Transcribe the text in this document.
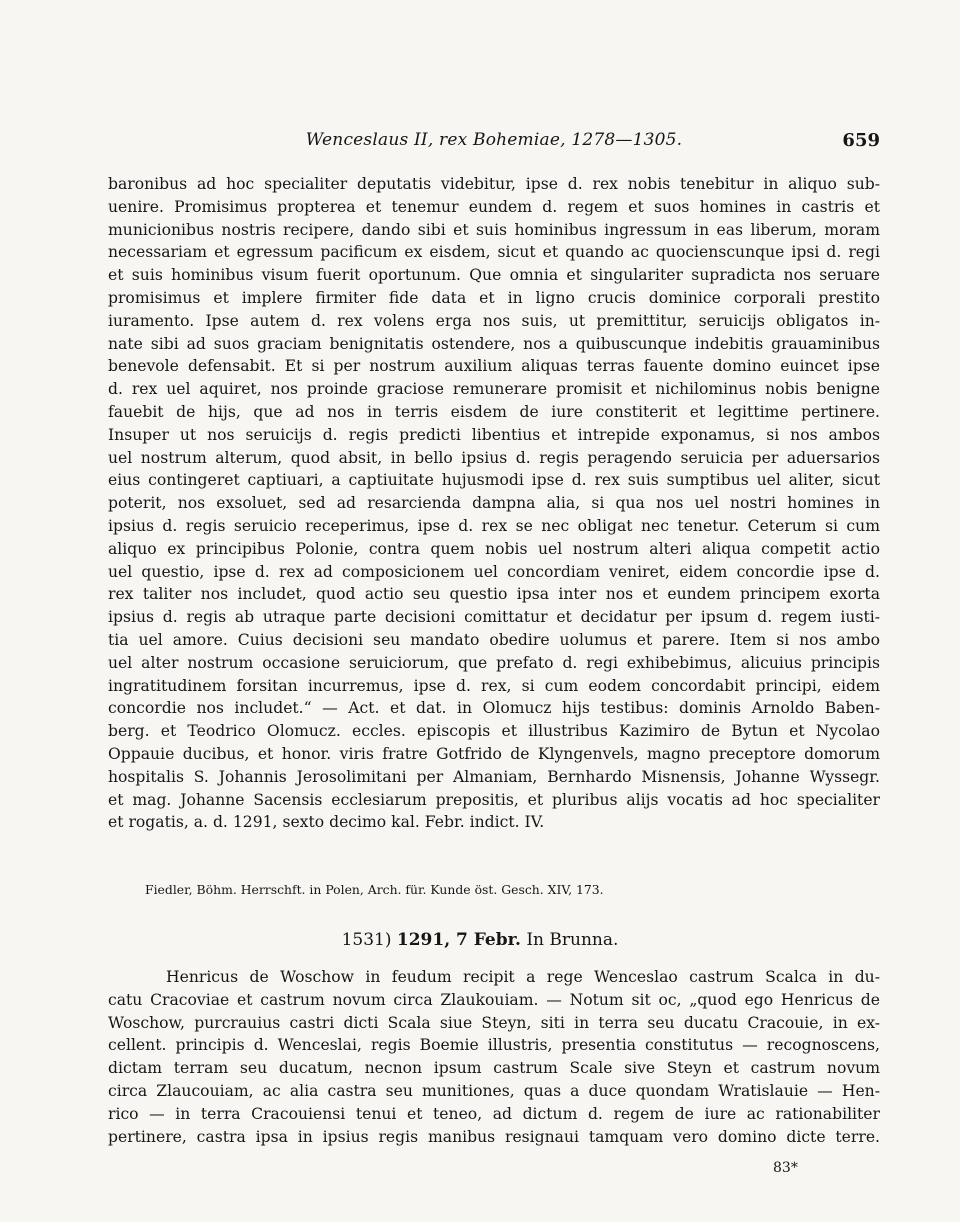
Wenceslaus II, rex Bohemiae, 1278—1305.	659
baronibus ad hoc specialiter deputatis videbitur, ipse d. rex nobis tenebitur in aliquo sub-
uenire. Promisimus propterea et tenemur eundem d. regem et suos homines in castris et
municionibus nostris recipere, dando sibi et suis hominibus ingressum in eas liberum, moram
necessariam et egressum pacificum ex eisdem, sicut et quando ac quocienscunque ipsi d. regi
et suis hominibus visum fuerit oportunum. Que omnia et singulariter supradicta nos seruare
promisimus et implere firmiter fide data et in ligno crucis dominice corporali prestito
iuramento. Ipse autem d. rex volens erga nos suis, ut premittitur, seruicijs obligatos in-
nate sibi ad suos graciam benignitatis ostendere, nos a quibuscunque indebitis grauaminibus
benevole defensabit. Et si per nostrum auxilium aliquas terras fauente domino euincet ipse
d. rex uel aquiret, nos proinde graciose remunerare promisit et nichilominus nobis benigne
fauebit de hijs, que ad nos in terris eisdem de iure constiterit et legittime pertinere.
Insuper ut nos seruicijs d. regis predicti libentius et intrepide exponamus, si nos ambos
uel nostrum alterum, quod absit, in bello ipsius d. regis peragendo seruicia per aduersarios
eius contingeret captiuari, a captiuitate hujusmodi ipse d. rex suis sumptibus uel aliter, sicut
poterit, nos exsoluet, sed ad resarcienda dampna alia, si qua nos uel nostri homines in
ipsius d. regis seruicio receperimus, ipse d. rex se nec obligat nec tenetur. Ceterum si cum
aliquo ex principibus Polonie, contra quem nobis uel nostrum alteri aliqua competit actio
uel questio, ipse d. rex ad composicionem uel concordiam veniret, eidem concordie ipse d.
rex taliter nos includet, quod actio seu questio ipsa inter nos et eundem principem exorta
ipsius d. regis ab utraque parte decisioni comittatur et decidatur per ipsum d. regem iusti-
tia uel amore. Cuius decisioni seu mandato obedire uolumus et parere. Item si nos ambo
uel alter nostrum occasione seruiciorum, que prefato d. regi exhibebimus, alicuius principis
ingratitudinem forsitan incurremus, ipse d. rex, si cum eodem concordabit principi, eidem
concordie nos includet.“ — Act. et dat. in Olomucz hijs testibus: dominis Arnoldo Baben-
berg. et Teodrico Olomucz. eccles. episcopis et illustribus Kazimiro de Bytun et Nycolao
Oppauie ducibus, et honor. viris fratre Gotfrido de Klyngenvels, magno preceptore domorum
hospitalis S. Johannis Jerosolimitani per Almaniam, Bernhardo Misnensis, Johanne Wyssegr.
et mag. Johanne Sacensis ecclesiarum prepositis, et pluribus alijs vocatis ad hoc specialiter
et rogatis, a. d. 1291, sexto decimo kal. Febr. indict. IV.
Fiedler, Böhm. Herrschft. in Polen, Arch. für. Kunde öst. Gesch. XIV, 173.
1531) 1291, 7 Febr. In Brunna.
Henricus de Woschow in feudum recipit a rege Wenceslao castrum Scalca in du-
catu Cracoviae et castrum novum circa Zlaukouiam. — Notum sit oc, „quod ego Henricus de
Woschow, purcrauius castri dicti Scala siue Steyn, siti in terra seu ducatu Cracouie, in ex-
cellent. principis d. Wenceslai, regis Boemie illustris, presentia constitutus — recognoscens,
dictam terram seu ducatum, necnon ipsum castrum Scale sive Steyn et castrum novum
circa Zlaucouiam, ac alia castra seu munitiones, quas a duce quondam Wratislauie — Hen-
rico — in terra Cracouiensi tenui et teneo, ad dictum d. regem de iure ac rationabiliter
pertinere, castra ipsa in ipsius regis manibus resignaui tamquam vero domino dicte terre.
83*
